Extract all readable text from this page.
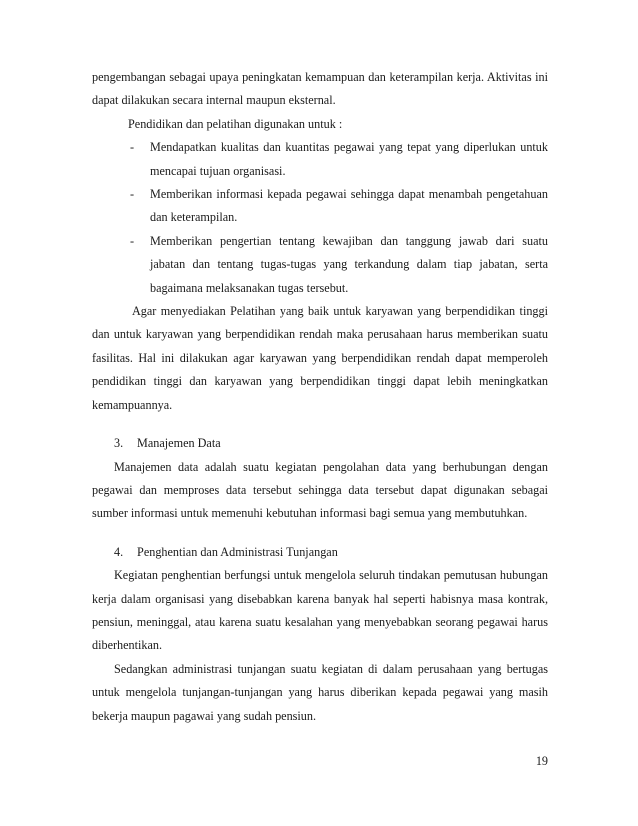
pengembangan sebagai upaya peningkatan kemampuan dan keterampilan kerja. Aktivitas ini dapat dilakukan secara internal maupun eksternal.

Pendidikan dan pelatihan digunakan untuk :

- Mendapatkan kualitas dan kuantitas pegawai yang tepat yang diperlukan untuk mencapai tujuan organisasi.
- Memberikan informasi kepada pegawai sehingga dapat menambah pengetahuan dan keterampilan.
- Memberikan pengertian tentang kewajiban dan tanggung jawab dari suatu jabatan dan tentang tugas-tugas yang terkandung dalam tiap jabatan, serta bagaimana melaksanakan tugas tersebut.

Agar menyediakan Pelatihan yang baik untuk karyawan yang berpendidikan tinggi dan untuk karyawan yang berpendidikan rendah maka perusahaan harus memberikan suatu fasilitas. Hal ini dilakukan agar karyawan yang berpendidikan rendah dapat memperoleh pendidikan tinggi dan karyawan yang berpendidikan tinggi dapat lebih meningkatkan kemampuannya.

3. Manajemen Data

Manajemen data adalah suatu kegiatan pengolahan data yang berhubungan dengan pegawai dan memproses data tersebut sehingga data tersebut dapat digunakan sebagai sumber informasi untuk memenuhi kebutuhan informasi bagi semua yang membutuhkan.

4. Penghentian dan Administrasi Tunjangan

Kegiatan penghentian berfungsi untuk mengelola seluruh tindakan pemutusan hubungan kerja dalam organisasi yang disebabkan karena banyak hal seperti habisnya masa kontrak, pensiun, meninggal, atau karena suatu kesalahan yang menyebabkan seorang pegawai harus diberhentikan.

Sedangkan administrasi tunjangan suatu kegiatan di dalam perusahaan yang bertugas untuk mengelola tunjangan-tunjangan yang harus diberikan kepada pegawai yang masih bekerja maupun pagawai yang sudah pensiun.

19
